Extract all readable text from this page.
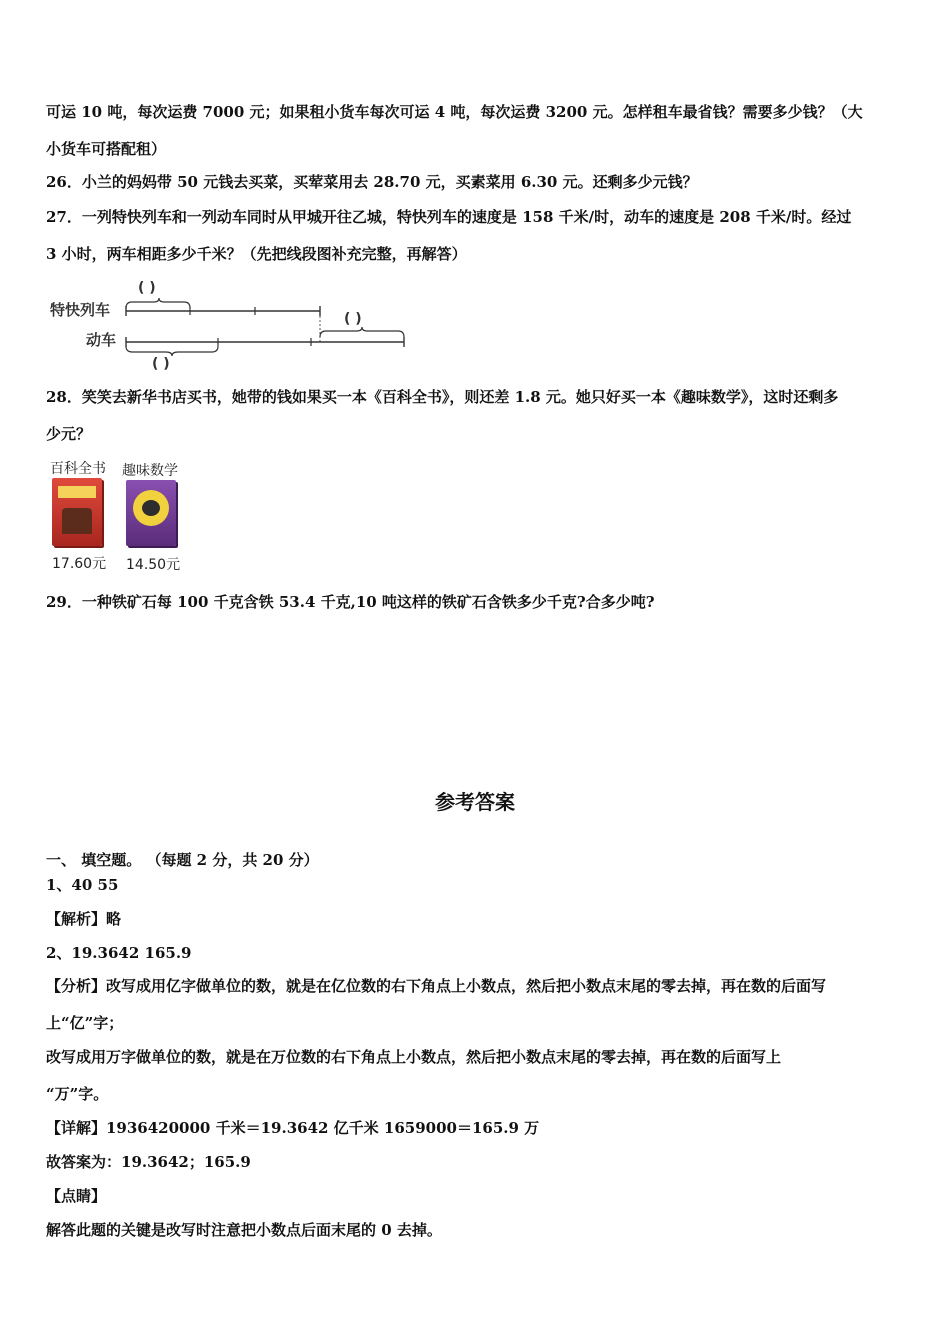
可运 10 吨，每次运费 7000 元；如果租小货车每次可运 4 吨，每次运费 3200 元。怎样租车最省钱？需要多少钱？（大
小货车可搭配租）
26．小兰的妈妈带 50 元钱去买菜，买荤菜用去 28.70 元，买素菜用 6.30 元。还剩多少元钱？
27．一列特快列车和一列动车同时从甲城开往乙城，特快列车的速度是 158 千米/时，动车的速度是 208 千米/时。经过
3 小时，两车相距多少千米？（先把线段图补充完整，再解答）
特快列车
( )
( )
动车
( )
28．笑笑去新华书店买书，她带的钱如果买一本《百科全书》，则还差 1.8 元。她只好买一本《趣味数学》，这时还剩多
少元？
百科全书
17.60元
趣味数学
14.50元
29．一种铁矿石每 100 千克含铁 53.4 千克,10 吨这样的铁矿石含铁多少千克?合多少吨?
参考答案
一、 填空题。 （每题 2 分，共 20 分）
1、40 55
【解析】略
2、19.3642 165.9
【分析】改写成用亿字做单位的数，就是在亿位数的右下角点上小数点，然后把小数点末尾的零去掉，再在数的后面写
上“亿”字；
改写成用万字做单位的数，就是在万位数的右下角点上小数点，然后把小数点末尾的零去掉，再在数的后面写上
“万”字。
【详解】1936420000 千米＝19.3642 亿千米 1659000＝165.9 万
故答案为：19.3642；165.9
【点睛】
解答此题的关键是改写时注意把小数点后面末尾的 0 去掉。
